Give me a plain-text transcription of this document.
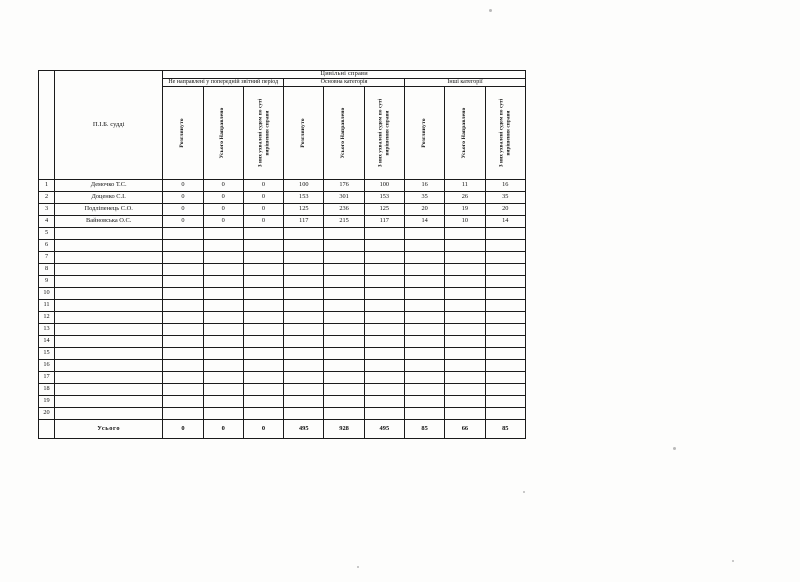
	П.І.Б. судді	Цивільні справи								
		Не направлені у попередній звітний період			Основна категорія			Інші категорії		

		Розглянуто	Усього Направлено	З них ухвалені судом по суті вирішення справи	Розглянуто	Усього Направлено	З них ухвалені судом по суті вирішення справи	Розглянуто	Усього Направлено	З них ухвалені судом по суті вирішення справи

1	Демочко Т.С.	0	0	0	100	176	100	16	11	16
2	Доценко С.І.	0	0	0	153	301	153	35	26	35
3	Подліпенець С.О.	0	0	0	125	236	125	20	19	20
4	Вайновська О.С.	0	0	0	117	215	117	14	10	14
5										
6										
7										
8										
9										
10										
11										
12										
13										
14										
15										
16										
17										
18										
19										
20										
	Усього	0	0	0	495	928	495	85	66	85
